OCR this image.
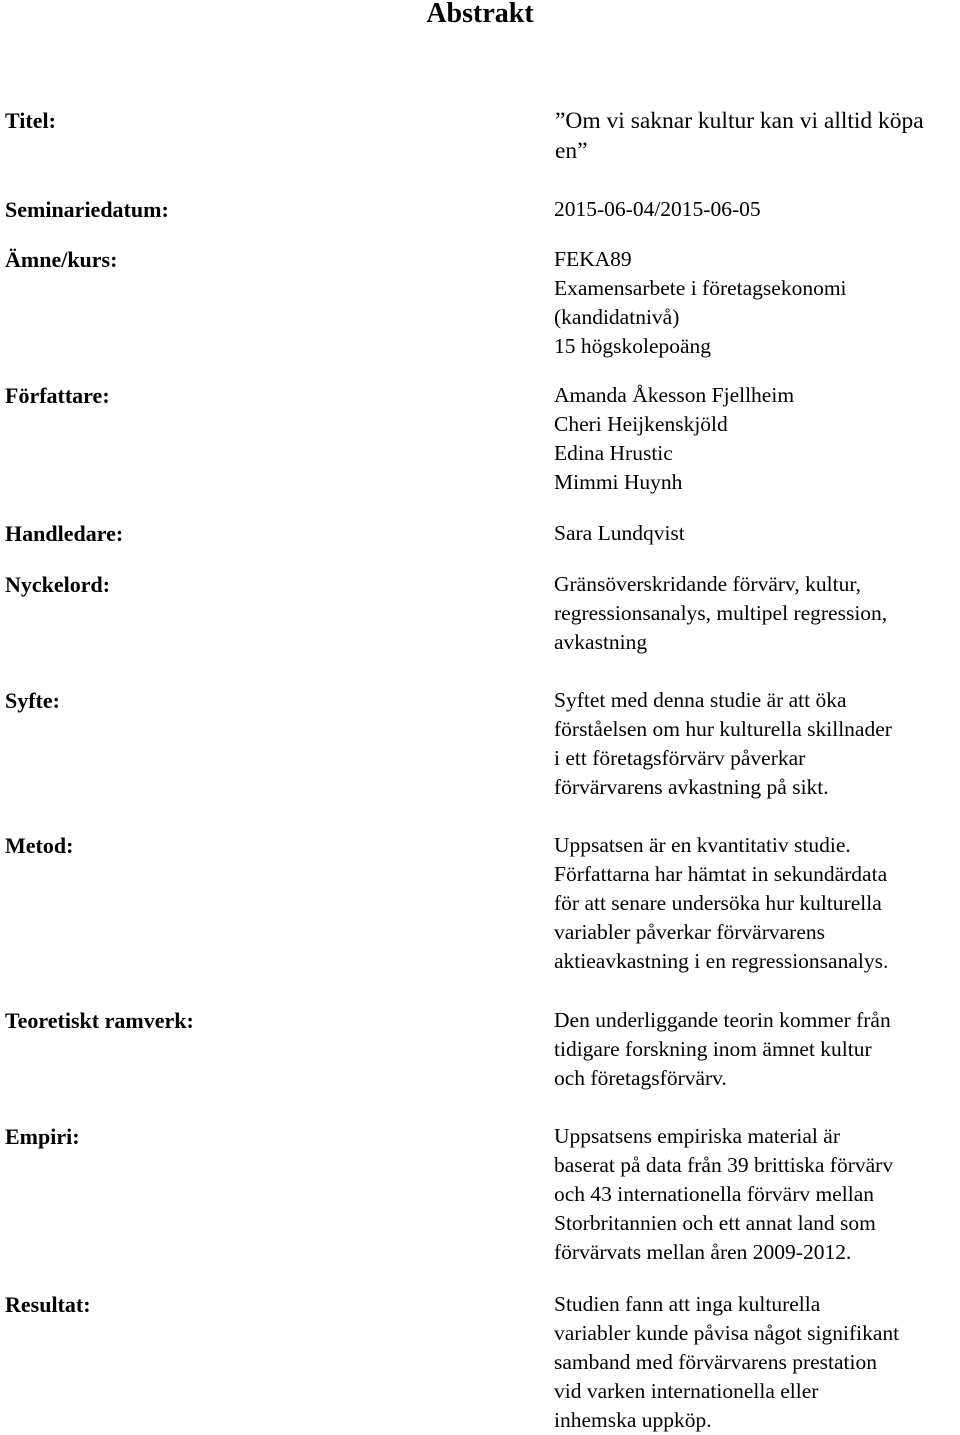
Abstrakt
Titel:	”Om vi saknar kultur kan vi alltid köpa
en”
Seminariedatum:	2015-06-04/2015-06-05
Ämne/kurs:	FEKA89
Examensarbete i företagsekonomi
(kandidatnivå)
15 högskolepoäng
Författare:	Amanda Åkesson Fjellheim
Cheri Heijkenskjöld
Edina Hrustic
Mimmi Huynh
Handledare:	Sara Lundqvist
Nyckelord:	Gränsöverskridande förvärv, kultur,
regressionsanalys, multipel regression,
avkastning
Syfte:	Syftet med denna studie är att öka
förståelsen om hur kulturella skillnader
i ett företagsförvärv påverkar
förvärvarens avkastning på sikt.
Metod:	Uppsatsen är en kvantitativ studie.
Författarna har hämtat in sekundärdata
för att senare undersöka hur kulturella
variabler påverkar förvärvarens
aktieavkastning i en regressionsanalys.
Teoretiskt ramverk:	Den underliggande teorin kommer från
tidigare forskning inom ämnet kultur
och företagsförvärv.
Empiri:	Uppsatsens empiriska material är
baserat på data från 39 brittiska förvärv
och 43 internationella förvärv mellan
Storbritannien och ett annat land som
förvärvats mellan åren 2009-2012.
Resultat:	Studien fann att inga kulturella
variabler kunde påvisa något signifikant
samband med förvärvarens prestation
vid varken internationella eller
inhemska uppköp.
